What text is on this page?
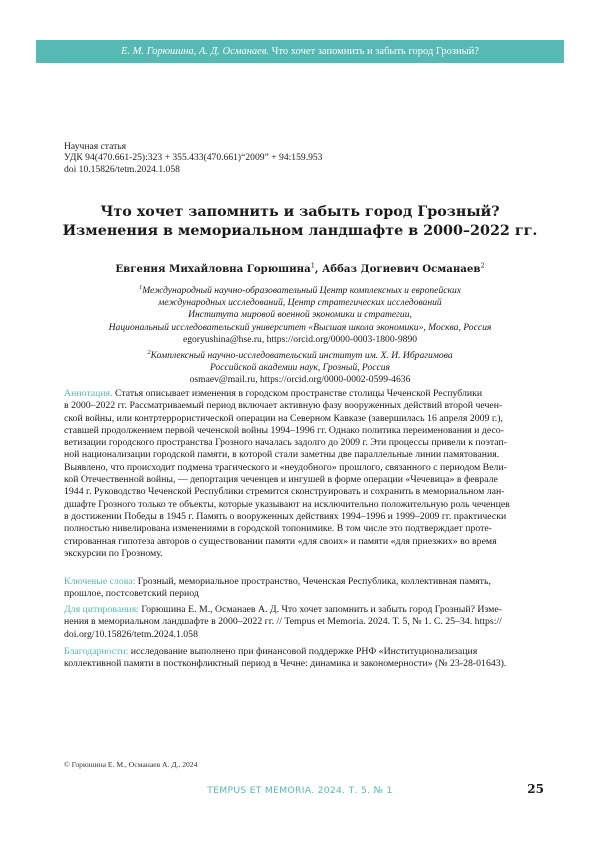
Е. М. Горюшина, А. Д. Османаев. Что хочет запомнить и забыть город Грозный?
Научная статья
УДК 94(470.661-25):323 + 355.433(470.661)“2009” + 94:159.953
doi 10.15826/tetm.2024.1.058
Что хочет запомнить и забыть город Грозный?
Изменения в мемориальном ландшафте в 2000–2022 гг.
Евгения Михайловна Горюшина1, Аббаз Догиевич Османаев2
1Международный научно-образовательный Центр комплексных и европейских
международных исследований, Центр стратегических исследований
Института мировой военной экономики и стратегии,
Национальный исследовательский университет «Высшая школа экономики», Москва, Россия
egoryushina@hse.ru, https://orcid.org/0000-0003-1800-9890
2Комплексный научно-исследовательский институт им. Х. И. Ибрагимова
Российской академии наук, Грозный, Россия
osmaev@mail.ru, https://orcid.org/0000-0002-0599-4636
Аннотация. Статья описывает изменения в городском пространстве столицы Чеченской Республики
в 2000–2022 гг. Рассматриваемый период включает активную фазу вооруженных действий второй чечен-
ской войны, или контртеррористической операции на Северном Кавказе (завершилась 16 апреля 2009 г.),
ставшей продолжением первой чеченской войны 1994–1996 гг. Однако политика переименования и десо-
ветизации городского пространства Грозного началась задолго до 2009 г. Эти процессы привели к поэтап-
ной национализации городской памяти, в которой стали заметны две параллельные линии памятования.
Выявлено, что происходит подмена трагического и «неудобного» прошлого, связанного с периодом Вели-
кой Отечественной войны, — депортация чеченцев и ингушей в форме операции «Чечевица» в феврале
1944 г. Руководство Чеченской Республики стремится сконструировать и сохранить в мемориальном лан-
дшафте Грозного только те объекты, которые указывают на исключительно положительную роль чеченцев
в достижении Победы в 1945 г. Память о вооруженных действиях 1994–1996 и 1999–2009 гг. практически
полностью нивелирована изменениями в городской топонимике. В том числе это подтверждает проте-
стированная гипотеза авторов о существовании памяти «для своих» и памяти «для приезжих» во время
экскурсии по Грозному.
Ключевые слова: Грозный, мемориальное пространство, Чеченская Республика, коллективная память,
прошлое, постсоветский период
Для цитирования: Горюшина Е. М., Османаев А. Д. Что хочет запомнить и забыть город Грозный? Изме-
нения в мемориальном ландшафте в 2000–2022 гг. // Tempus et Memoria. 2024. Т. 5, № 1. С. 25–34. https://
doi.org/10.15826/tetm.2024.1.058
Благодарности: исследование выполнено при финансовой поддержке РНФ «Институционализация
коллективной памяти в постконфликтный период в Чечне: динамика и закономерности» (№ 23-28-01643).
© Горюшина Е. М., Османаев А. Д., 2024
TEMPUS ET MEMORIA. 2024. Т. 5. № 1	25
